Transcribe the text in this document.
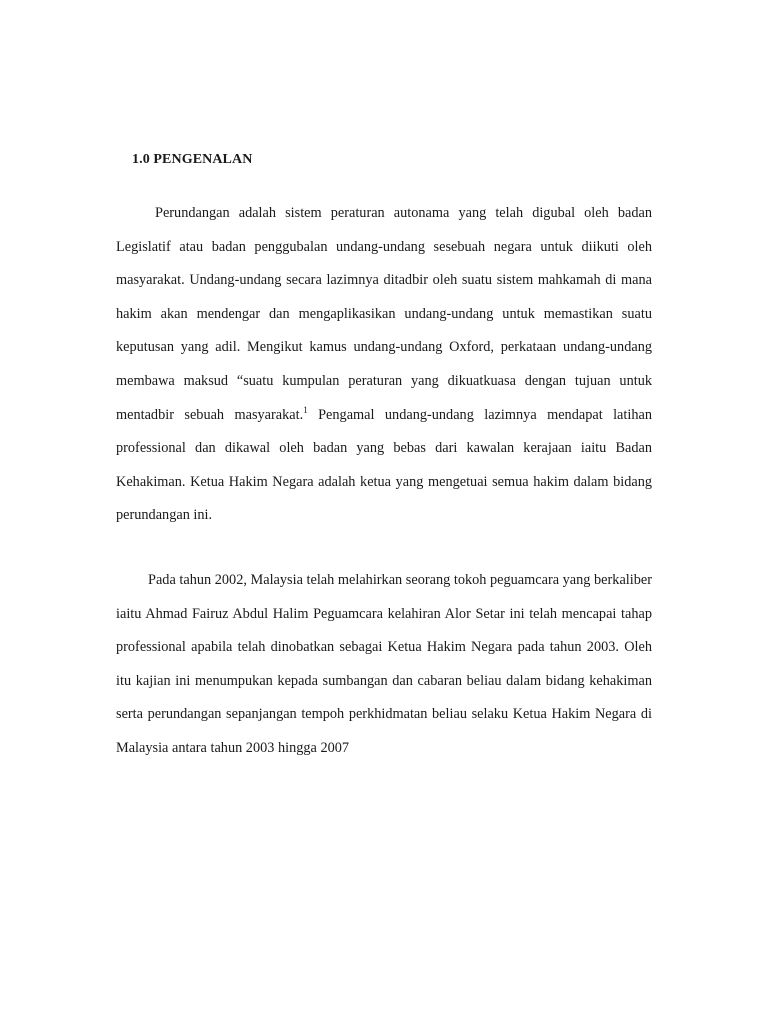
1.0 PENGENALAN

Perundangan adalah sistem peraturan autonama yang telah digubal oleh badan Legislatif atau badan penggubalan undang-undang sesebuah negara untuk diikuti oleh masyarakat. Undang-undang secara lazimnya ditadbir oleh suatu sistem mahkamah di mana hakim akan mendengar dan mengaplikasikan undang-undang untuk memastikan suatu keputusan yang adil. Mengikut kamus undang-undang Oxford, perkataan undang-undang membawa maksud “suatu kumpulan peraturan yang dikuatkuasa dengan tujuan untuk mentadbir sebuah masyarakat.$^1$ Pengamal undang-undang lazimnya mendapat latihan professional dan dikawal oleh badan yang bebas dari kawalan kerajaan iaitu Badan Kehakiman. Ketua Hakim Negara adalah ketua yang mengetuai semua hakim dalam bidang perundangan ini.

Pada tahun 2002, Malaysia telah melahirkan seorang tokoh peguamcara yang berkaliber iaitu Ahmad Fairuz Abdul Halim Peguamcara kelahiran Alor Setar ini telah mencapai tahap professional apabila telah dinobatkan sebagai Ketua Hakim Negara pada tahun 2003. Oleh itu kajian ini menumpukan kepada sumbangan dan cabaran beliau dalam bidang kehakiman serta perundangan sepanjangan tempoh perkhidmatan beliau selaku Ketua Hakim Negara di Malaysia antara tahun 2003 hingga 2007
